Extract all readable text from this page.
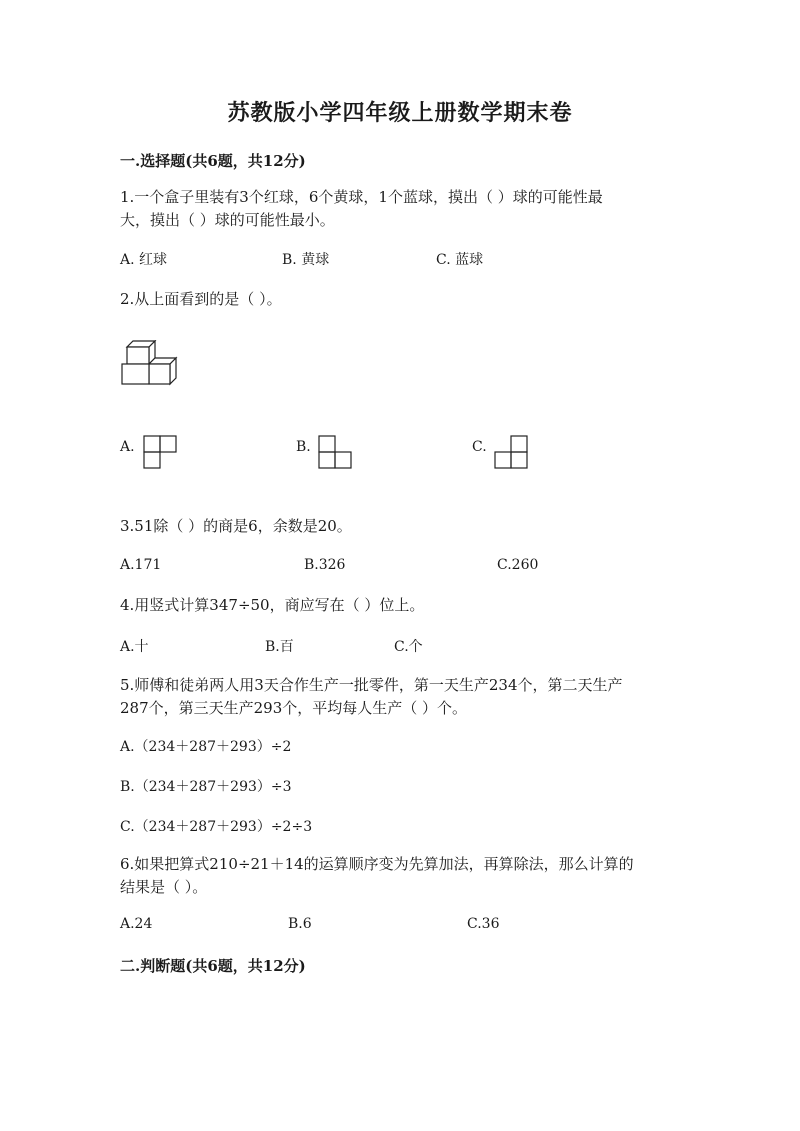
苏教版小学四年级上册数学期末卷
一.选择题(共6题，共12分)
1.一个盒子里装有3个红球，6个黄球，1个蓝球，摸出（ ）球的可能性最
大，摸出（ ）球的可能性最小。
A. 红球	B. 黄球	C. 蓝球
2.从上面看到的是（ ）。
A.	B.	C.
3.51除（ ）的商是6，余数是20。
A.171	B.326	C.260
4.用竖式计算347÷50，商应写在（ ）位上。
A.十	B.百	C.个
5.师傅和徒弟两人用3天合作生产一批零件，第一天生产234个，第二天生产
287个，第三天生产293个，平均每人生产（ ）个。
A.（234＋287＋293）÷2
B.（234＋287＋293）÷3
C.（234＋287＋293）÷2÷3
6.如果把算式210÷21＋14的运算顺序变为先算加法，再算除法，那么计算的
结果是（ ）。
A.24	B.6	C.36
二.判断题(共6题，共12分)
